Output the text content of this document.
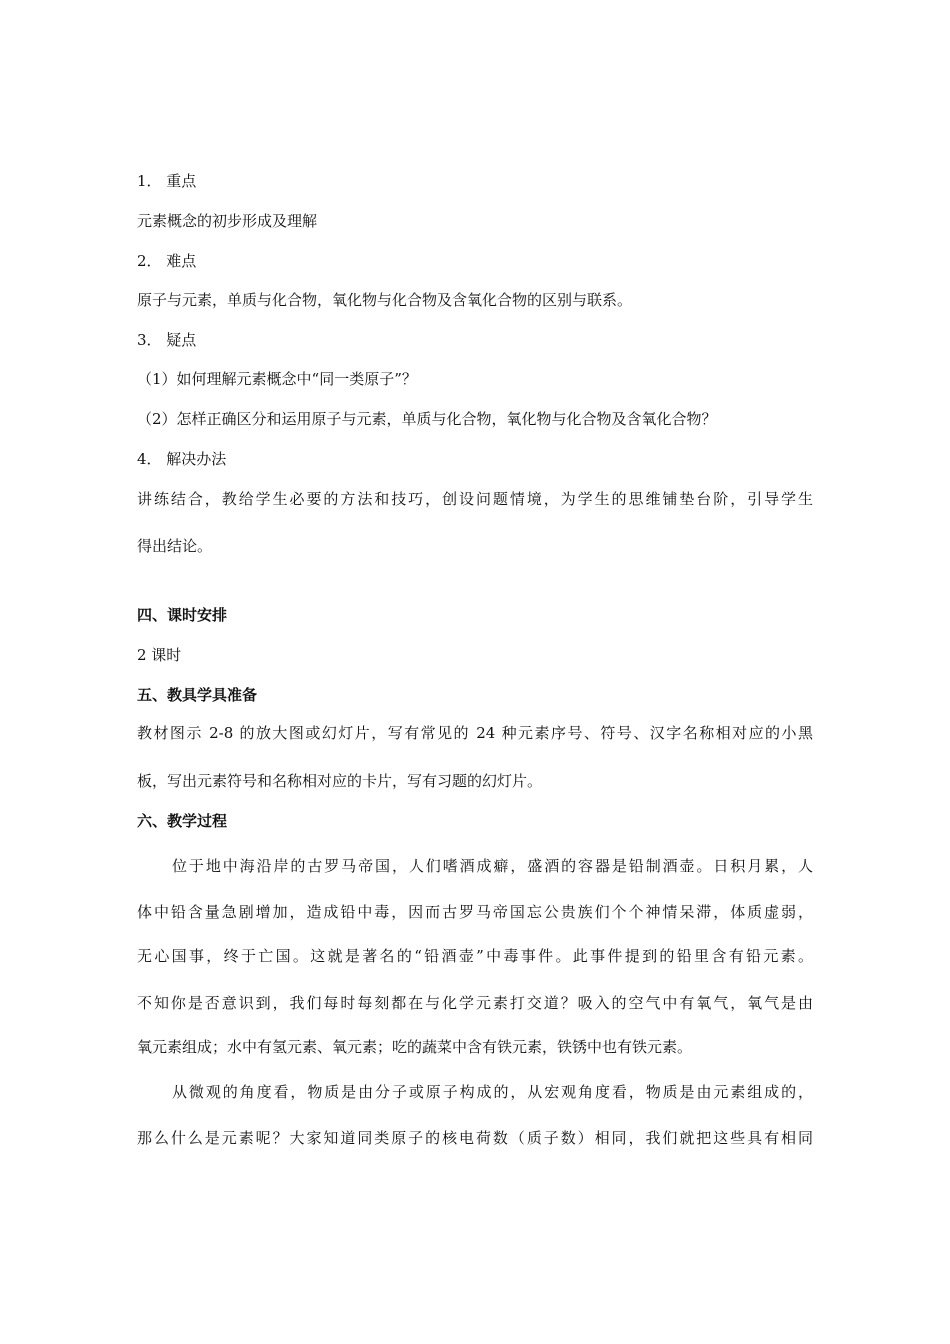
1． 重点
元素概念的初步形成及理解
2． 难点
原子与元素，单质与化合物，氧化物与化合物及含氧化合物的区别与联系。
3． 疑点
（1）如何理解元素概念中“同一类原子”？
（2）怎样正确区分和运用原子与元素，单质与化合物，氧化物与化合物及含氧化合物？
4． 解决办法
讲练结合，教给学生必要的方法和技巧，创设问题情境，为学生的思维铺垫台阶，引导学生
得出结论。
四、课时安排
2 课时
五、教具学具准备
教材图示 2-8 的放大图或幻灯片，写有常见的 24 种元素序号、符号、汉字名称相对应的小黑
板，写出元素符号和名称相对应的卡片，写有习题的幻灯片。
六、教学过程
位于地中海沿岸的古罗马帝国，人们嗜酒成癖，盛酒的容器是铅制酒壶。日积月累，人
体中铅含量急剧增加，造成铅中毒，因而古罗马帝国忘公贵族们个个神情呆滞，体质虚弱，
无心国事，终于亡国。这就是著名的“铅酒壶”中毒事件。此事件提到的铅里含有铅元素。
不知你是否意识到，我们每时每刻都在与化学元素打交道？吸入的空气中有氧气，氧气是由
氧元素组成；水中有氢元素、氧元素；吃的蔬菜中含有铁元素，铁锈中也有铁元素。
从微观的角度看，物质是由分子或原子构成的，从宏观角度看，物质是由元素组成的，
那么什么是元素呢？大家知道同类原子的核电荷数（质子数）相同，我们就把这些具有相同
